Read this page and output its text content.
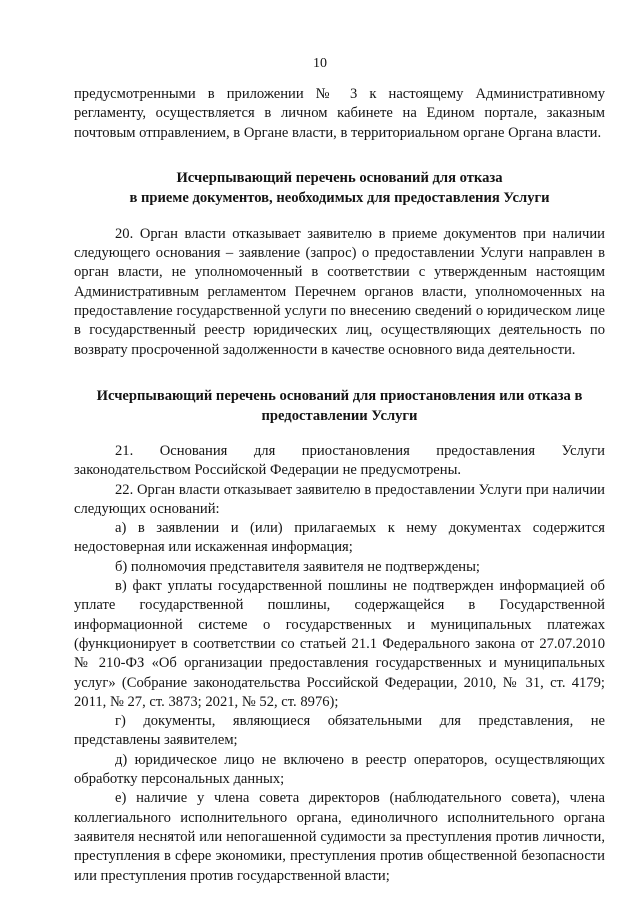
10

предусмотренными в приложении № 3 к настоящему Административному регламенту, осуществляется в личном кабинете на Едином портале, заказным почтовым отправлением, в Органе власти, в территориальном органе Органа власти.

Исчерпывающий перечень оснований для отказа
в приеме документов, необходимых для предоставления Услуги

20. Орган власти отказывает заявителю в приеме документов при наличии следующего основания – заявление (запрос) о предоставлении Услуги направлен в орган власти, не уполномоченный в соответствии с утвержденным настоящим Административным регламентом Перечнем органов власти, уполномоченных на предоставление государственной услуги по внесению сведений о юридическом лице в государственный реестр юридических лиц, осуществляющих деятельность по возврату просроченной задолженности в качестве основного вида деятельности.

Исчерпывающий перечень оснований для приостановления или отказа в
предоставлении Услуги

21. Основания для приостановления предоставления Услуги законодательством Российской Федерации не предусмотрены.

22. Орган власти отказывает заявителю в предоставлении Услуги при наличии следующих оснований:

а) в заявлении и (или) прилагаемых к нему документах содержится недостоверная или искаженная информация;

б) полномочия представителя заявителя не подтверждены;

в) факт уплаты государственной пошлины не подтвержден информацией об уплате государственной пошлины, содержащейся в Государственной информационной системе о государственных и муниципальных платежах (функционирует в соответствии со статьей 21.1 Федерального закона от 27.07.2010 № 210-ФЗ «Об организации предоставления государственных и муниципальных услуг» (Собрание законодательства Российской Федерации, 2010, № 31, ст. 4179; 2011, № 27, ст. 3873; 2021, № 52, ст. 8976);

г) документы, являющиеся обязательными для представления, не представлены заявителем;

д) юридическое лицо не включено в реестр операторов, осуществляющих обработку персональных данных;

е) наличие у члена совета директоров (наблюдательного совета), члена коллегиального исполнительного органа, единоличного исполнительного органа заявителя неснятой или непогашенной судимости за преступления против личности, преступления в сфере экономики, преступления против общественной безопасности или преступления против государственной власти;
